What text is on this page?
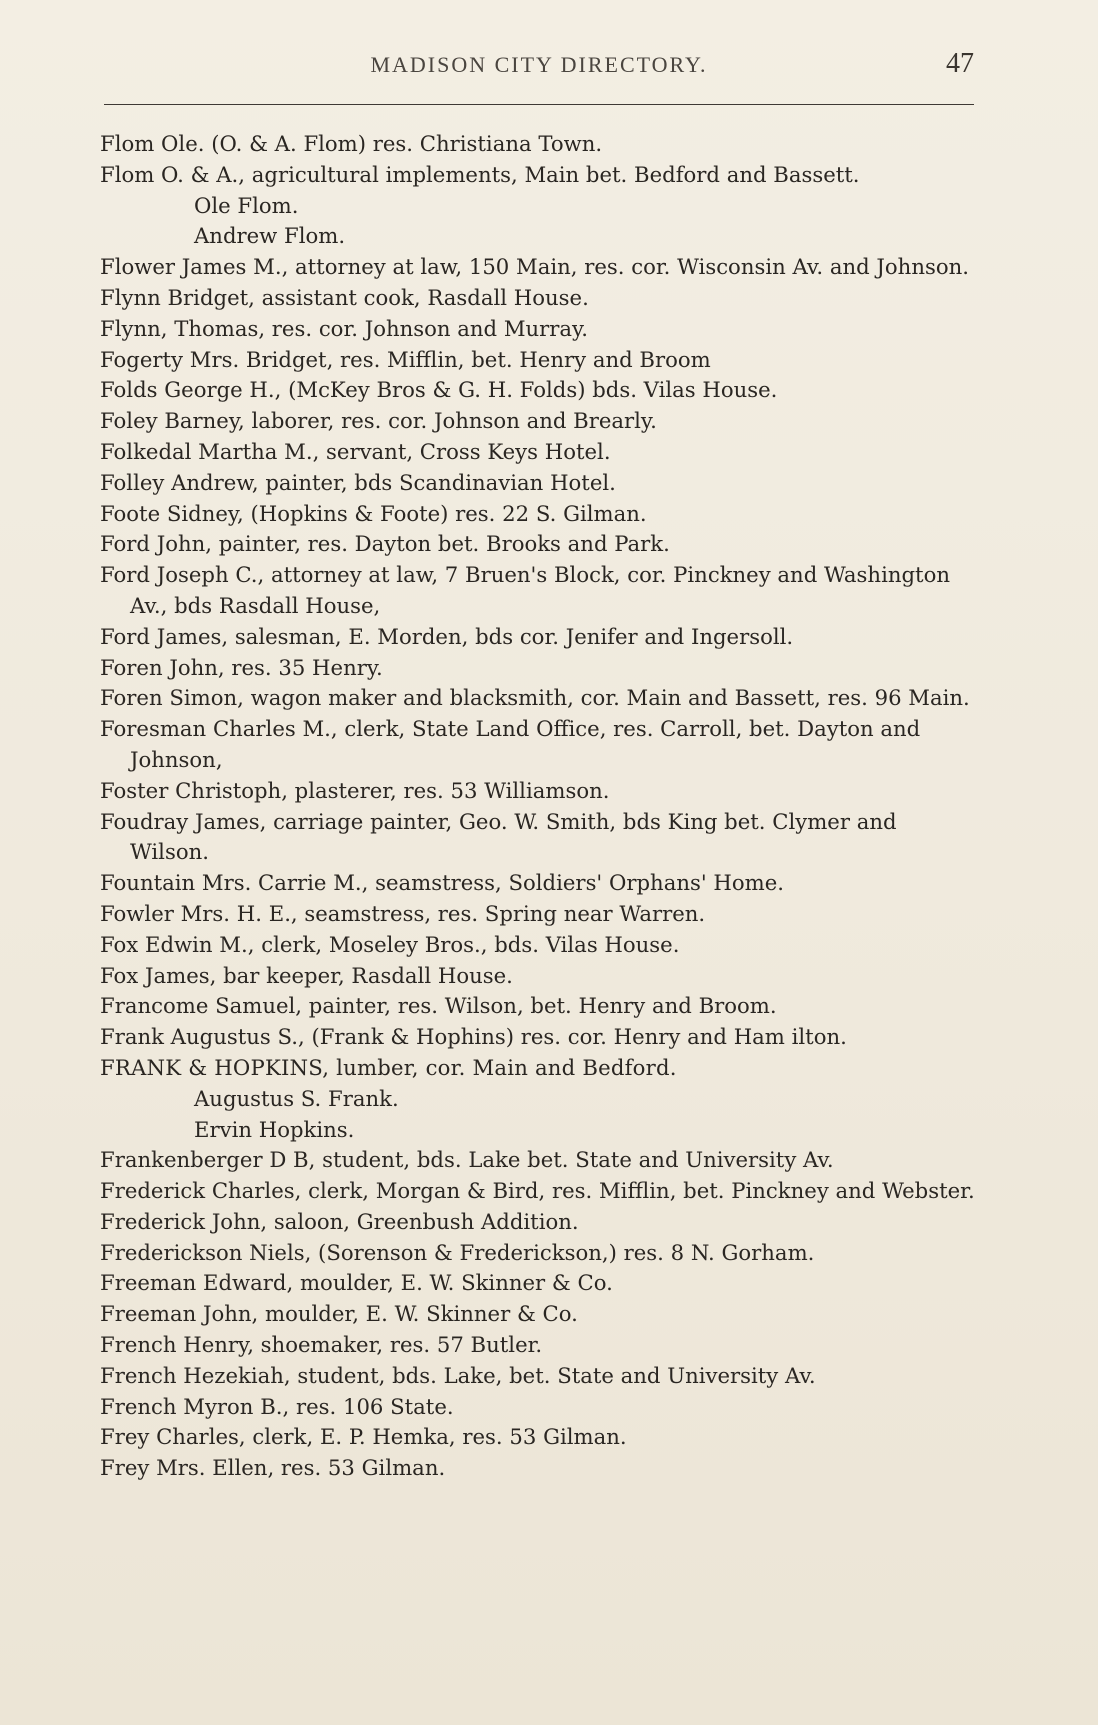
MADISON CITY DIRECTORY.	47
Flom Ole. (O. & A. Flom) res. Christiana Town.
Flom O. & A., agricultural implements, Main bet. Bedford and Bassett.
Ole Flom.
Andrew Flom.
Flower James M., attorney at law, 150 Main, res. cor. Wisconsin Av. and Johnson.
Flynn Bridget, assistant cook, Rasdall House.
Flynn, Thomas, res. cor. Johnson and Murray.
Fogerty Mrs. Bridget, res. Mifflin, bet. Henry and Broom
Folds George H., (McKey Bros & G. H. Folds) bds. Vilas House.
Foley Barney, laborer, res. cor. Johnson and Brearly.
Folkedal Martha M., servant, Cross Keys Hotel.
Folley Andrew, painter, bds Scandinavian Hotel.
Foote Sidney, (Hopkins & Foote) res. 22 S. Gilman.
Ford John, painter, res. Dayton bet. Brooks and Park.
Ford Joseph C., attorney at law, 7 Bruen's Block, cor. Pinckney and Washington Av., bds Rasdall House,
Ford James, salesman, E. Morden, bds cor. Jenifer and Ingersoll.
Foren John, res. 35 Henry.
Foren Simon, wagon maker and blacksmith, cor. Main and Bassett, res. 96 Main.
Foresman Charles M., clerk, State Land Office, res. Carroll, bet. Dayton and Johnson,
Foster Christoph, plasterer, res. 53 Williamson.
Foudray James, carriage painter, Geo. W. Smith, bds King bet. Clymer and Wilson.
Fountain Mrs. Carrie M., seamstress, Soldiers' Orphans' Home.
Fowler Mrs. H. E., seamstress, res. Spring near Warren.
Fox Edwin M., clerk, Moseley Bros., bds. Vilas House.
Fox James, bar keeper, Rasdall House.
Francome Samuel, painter, res. Wilson, bet. Henry and Broom.
Frank Augustus S., (Frank & Hophins) res. cor. Henry and Ham ilton.
FRANK & HOPKINS, lumber, cor. Main and Bedford.
Augustus S. Frank.
Ervin Hopkins.
Frankenberger D B, student, bds. Lake bet. State and University Av.
Frederick Charles, clerk, Morgan & Bird, res. Mifflin, bet. Pinckney and Webster.
Frederick John, saloon, Greenbush Addition.
Frederickson Niels, (Sorenson & Frederickson,) res. 8 N. Gorham.
Freeman Edward, moulder, E. W. Skinner & Co.
Freeman John, moulder, E. W. Skinner & Co.
French Henry, shoemaker, res. 57 Butler.
French Hezekiah, student, bds. Lake, bet. State and University Av.
French Myron B., res. 106 State.
Frey Charles, clerk, E. P. Hemka, res. 53 Gilman.
Frey Mrs. Ellen, res. 53 Gilman.
